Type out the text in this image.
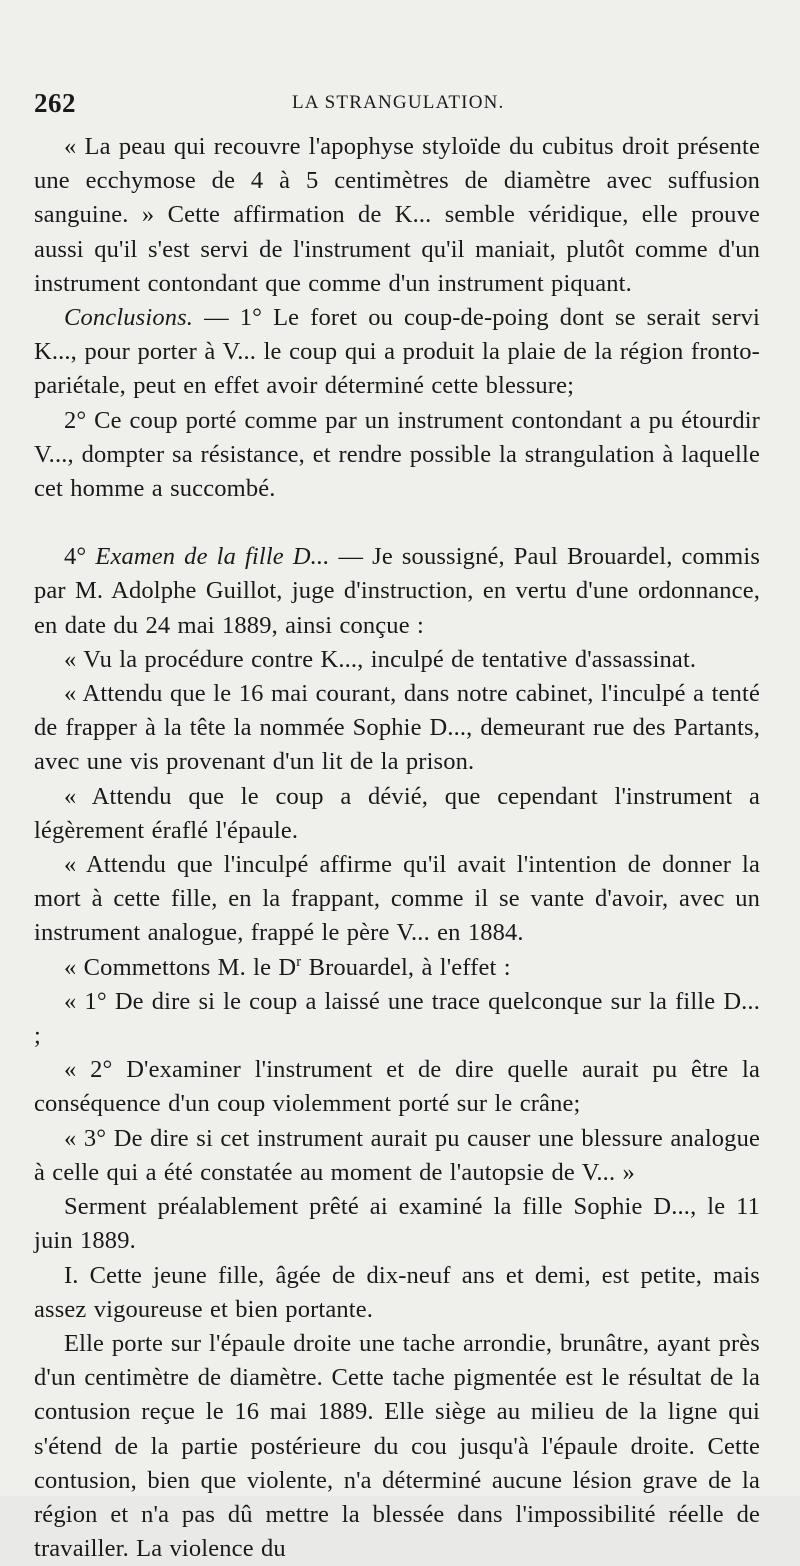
262	LA STRANGULATION.

« La peau qui recouvre l'apophyse styloïde du cubitus droit présente une ecchymose de 4 à 5 centimètres de diamètre avec suffusion sanguine. » Cette affirmation de K... semble véridique, elle prouve aussi qu'il s'est servi de l'instrument qu'il maniait, plutôt comme d'un instrument contondant que comme d'un instrument piquant.

Conclusions. — 1° Le foret ou coup-de-poing dont se serait servi K..., pour porter à V... le coup qui a produit la plaie de la région fronto-pariétale, peut en effet avoir déterminé cette blessure;

2° Ce coup porté comme par un instrument contondant a pu étourdir V..., dompter sa résistance, et rendre possible la strangulation à laquelle cet homme a succombé.

4° Examen de la fille D... — Je soussigné, Paul Brouardel, commis par M. Adolphe Guillot, juge d'instruction, en vertu d'une ordonnance, en date du 24 mai 1889, ainsi conçue :

« Vu la procédure contre K..., inculpé de tentative d'assassinat.

« Attendu que le 16 mai courant, dans notre cabinet, l'inculpé a tenté de frapper à la tête la nommée Sophie D..., demeurant rue des Partants, avec une vis provenant d'un lit de la prison.

« Attendu que le coup a dévié, que cependant l'instrument a légèrement éraflé l'épaule.

« Attendu que l'inculpé affirme qu'il avait l'intention de donner la mort à cette fille, en la frappant, comme il se vante d'avoir, avec un instrument analogue, frappé le père V... en 1884.

« Commettons M. le $D^r$ Brouardel, à l'effet :

« 1° De dire si le coup a laissé une trace quelconque sur la fille D... ;

« 2° D'examiner l'instrument et de dire quelle aurait pu être la conséquence d'un coup violemment porté sur le crâne;

« 3° De dire si cet instrument aurait pu causer une blessure analogue à celle qui a été constatée au moment de l'autopsie de V... »

Serment préalablement prêté ai examiné la fille Sophie D..., le 11 juin 1889.

I. Cette jeune fille, âgée de dix-neuf ans et demi, est petite, mais assez vigoureuse et bien portante.

Elle porte sur l'épaule droite une tache arrondie, brunâtre, ayant près d'un centimètre de diamètre. Cette tache pigmentée est le résultat de la contusion reçue le 16 mai 1889. Elle siège au milieu de la ligne qui s'étend de la partie postérieure du cou jusqu'à l'épaule droite. Cette contusion, bien que violente, n'a déterminé aucune lésion grave de la région et n'a pas dû mettre la blessée dans l'impossibilité réelle de travailler. La violence du
